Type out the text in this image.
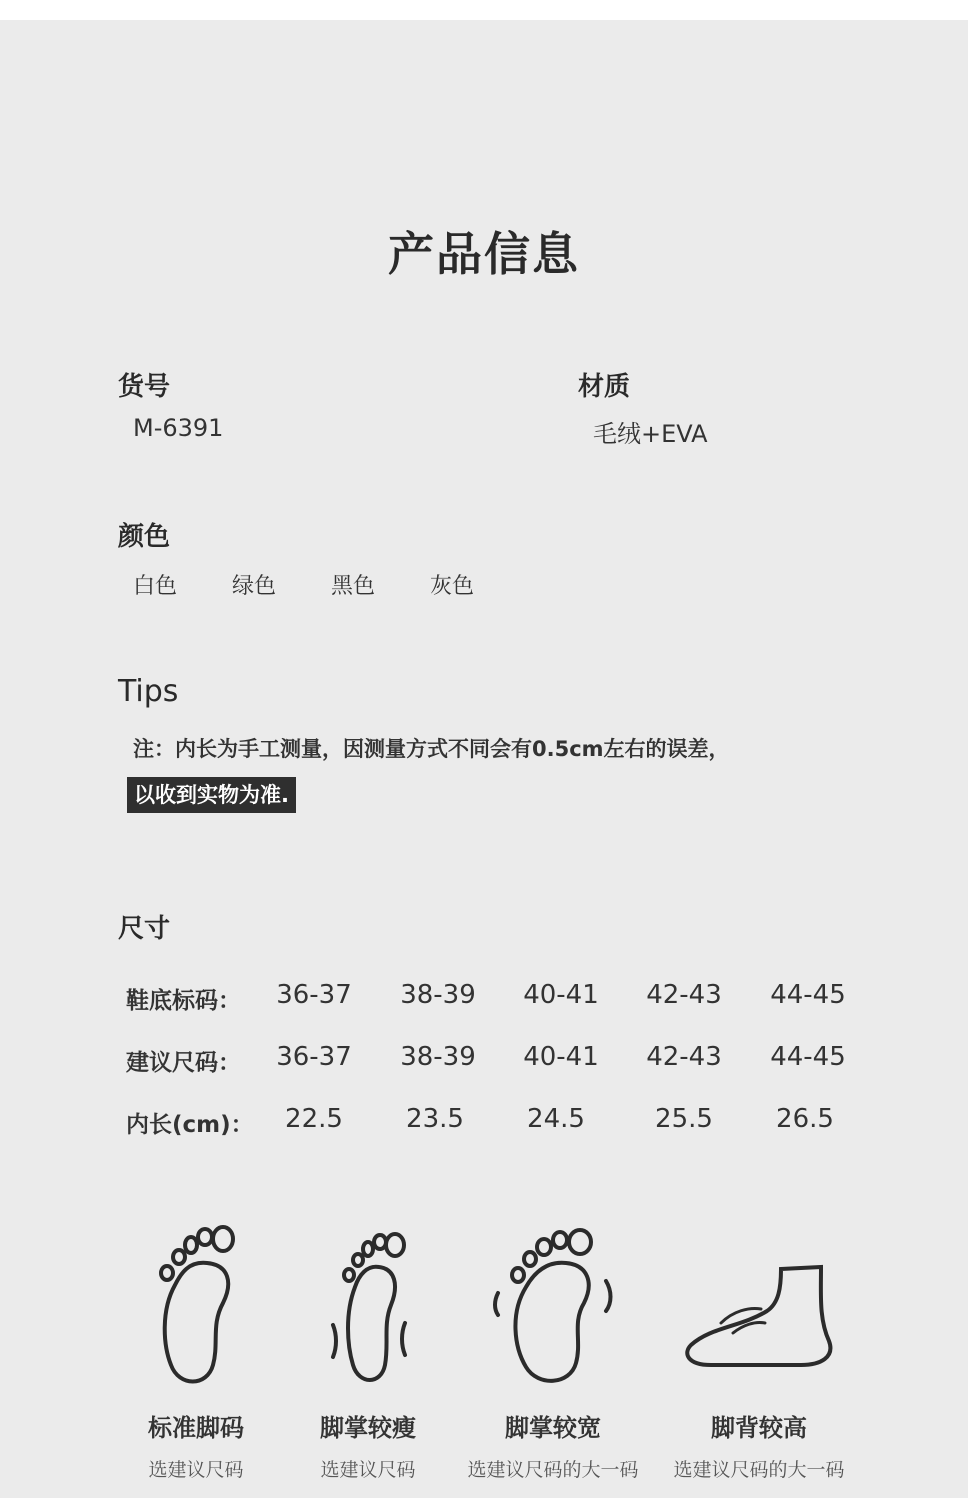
产品信息
货号
M-6391
材质
毛绒+EVA
颜色
白色 绿色 黑色 灰色
Tips
注：内长为手工测量，因测量方式不同会有0.5cm左右的误差，
以收到实物为准.
尺寸
鞋底标码：	36-37	38-39	40-41	42-43	44-45
建议尺码：	36-37	38-39	40-41	42-43	44-45
内长(cm)：	22.5	23.5	24.5	25.5	26.5
标准脚码
选建议尺码
脚掌较瘦
选建议尺码
脚掌较宽
选建议尺码的大一码
脚背较高
选建议尺码的大一码
